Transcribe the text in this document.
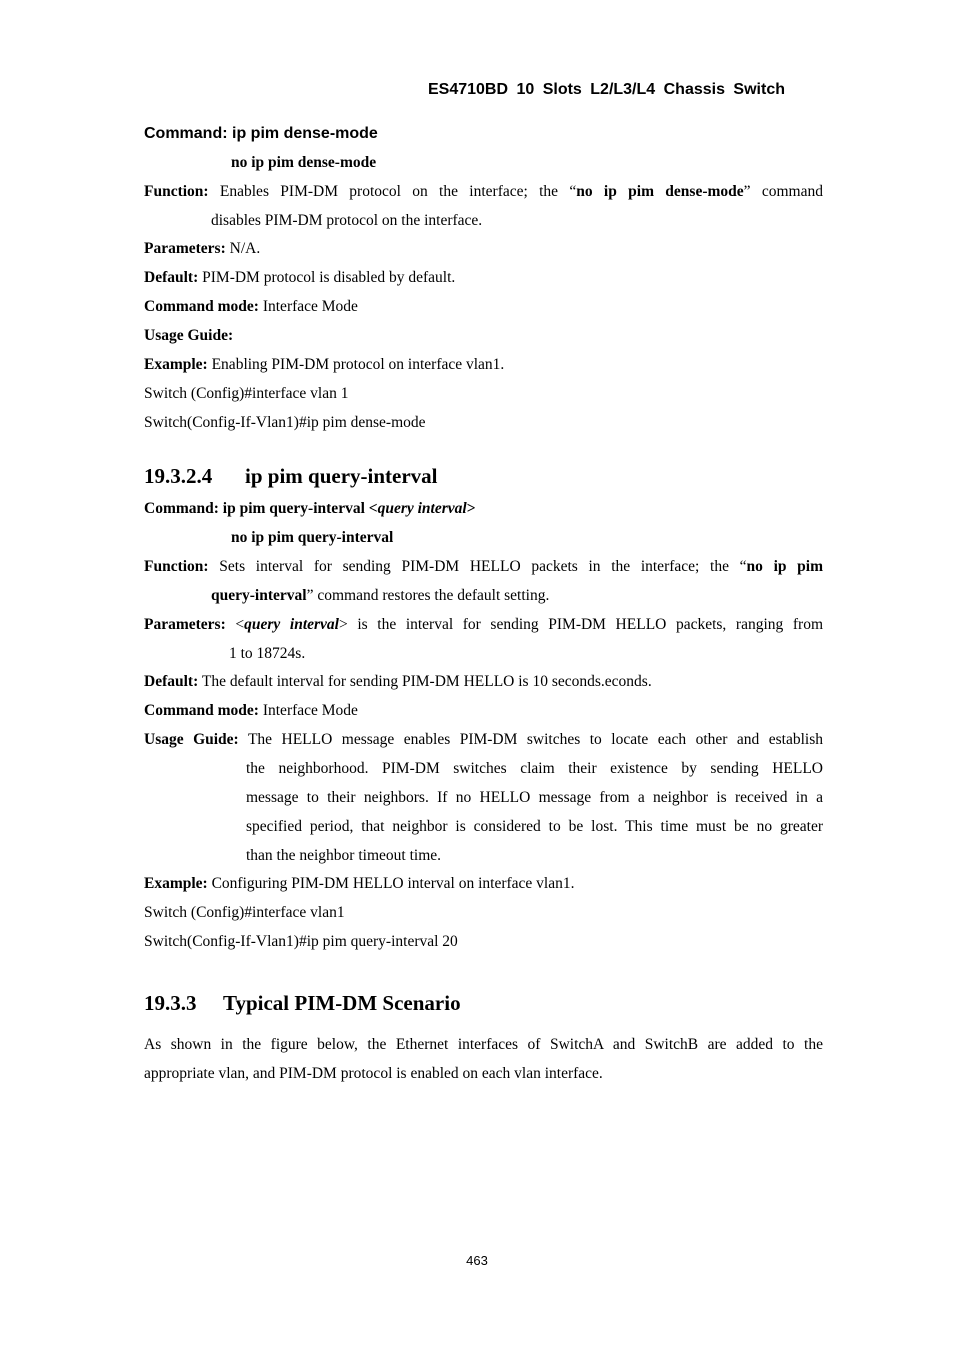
ES4710BD 10 Slots L2/L3/L4 Chassis Switch
Command: ip pim dense-mode
no ip pim dense-mode
Function: Enables PIM-DM protocol on the interface; the “no ip pim dense-mode” command
disables PIM-DM protocol on the interface.
Parameters: N/A.
Default: PIM-DM protocol is disabled by default.
Command mode: Interface Mode
Usage Guide:
Example: Enabling PIM-DM protocol on interface vlan1.
Switch (Config)#interface vlan 1
Switch(Config-If-Vlan1)#ip pim dense-mode
19.3.2.4 ip pim query-interval
Command: ip pim query-interval <query interval>
no ip pim query-interval
Function: Sets interval for sending PIM-DM HELLO packets in the interface; the “no ip pim
query-interval” command restores the default setting.
Parameters: <query interval> is the interval for sending PIM-DM HELLO packets, ranging from
1 to 18724s.
Default: The default interval for sending PIM-DM HELLO is 10 seconds.econds.
Command mode: Interface Mode
Usage Guide: The HELLO message enables PIM-DM switches to locate each other and establish
the neighborhood. PIM-DM switches claim their existence by sending HELLO
message to their neighbors. If no HELLO message from a neighbor is received in a
specified period, that neighbor is considered to be lost. This time must be no greater
than the neighbor timeout time.
Example: Configuring PIM-DM HELLO interval on interface vlan1.
Switch (Config)#interface vlan1
Switch(Config-If-Vlan1)#ip pim query-interval 20
19.3.3 Typical PIM-DM Scenario
As shown in the figure below, the Ethernet interfaces of SwitchA and SwitchB are added to the
appropriate vlan, and PIM-DM protocol is enabled on each vlan interface.
463
